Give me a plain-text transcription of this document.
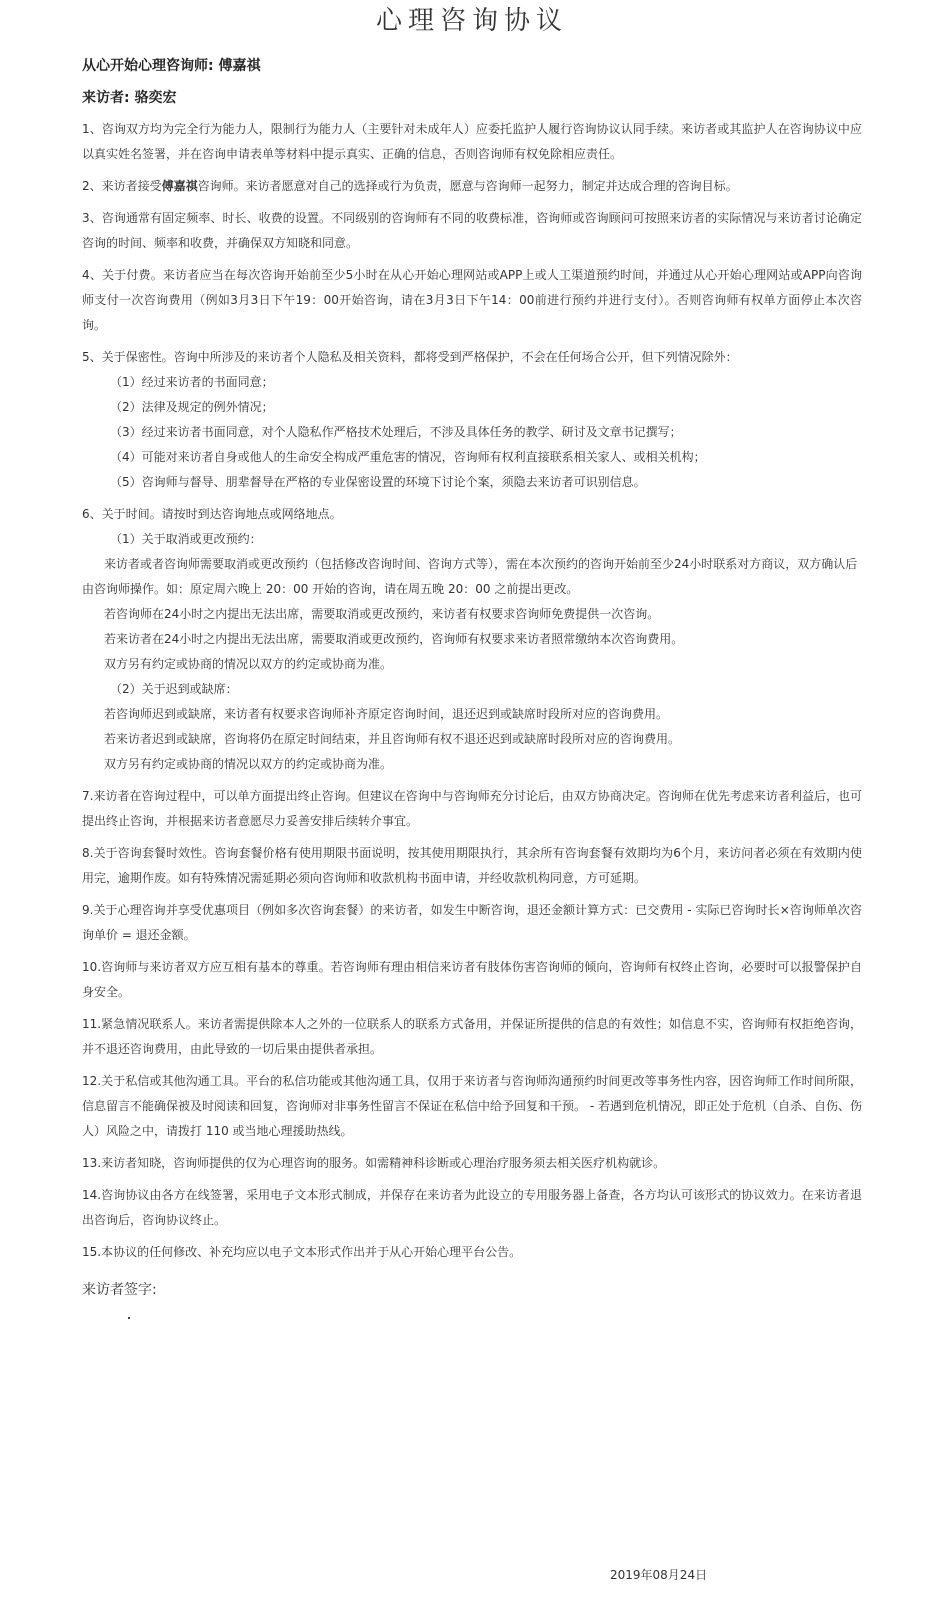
心理咨询协议

从心开始心理咨询师: 傅嘉祺

来访者: 骆奕宏

1、咨询双方均为完全行为能力人，限制行为能力人（主要针对未成年人）应委托监护人履行咨询协议认同手续。来访者或其监护人在咨询协议中应以真实姓名签署，并在咨询申请表单等材料中提示真实、正确的信息，否则咨询师有权免除相应责任。

2、来访者接受傅嘉祺咨询师。来访者愿意对自己的选择或行为负责，愿意与咨询师一起努力，制定并达成合理的咨询目标。

3、咨询通常有固定频率、时长、收费的设置。不同级别的咨询师有不同的收费标准，咨询师或咨询顾问可按照来访者的实际情况与来访者讨论确定咨询的时间、频率和收费，并确保双方知晓和同意。

4、关于付费。来访者应当在每次咨询开始前至少5小时在从心开始心理网站或APP上或人工渠道预约时间，并通过从心开始心理网站或APP向咨询师支付一次咨询费用（例如3月3日下午19：00开始咨询，请在3月3日下午14：00前进行预约并进行支付）。否则咨询师有权单方面停止本次咨询。

5、关于保密性。咨询中所涉及的来访者个人隐私及相关资料，都将受到严格保护，不会在任何场合公开，但下列情况除外：

（1）经过来访者的书面同意；

（2）法律及规定的例外情况；

（3）经过来访者书面同意，对个人隐私作严格技术处理后，不涉及具体任务的教学、研讨及文章书记撰写；

（4）可能对来访者自身或他人的生命安全构成严重危害的情况，咨询师有权利直接联系相关家人、或相关机构；

（5）咨询师与督导、朋辈督导在严格的专业保密设置的环境下讨论个案，须隐去来访者可识别信息。

6、关于时间。请按时到达咨询地点或网络地点。

（1）关于取消或更改预约：

来访者或者咨询师需要取消或更改预约（包括修改咨询时间、咨询方式等），需在本次预约的咨询开始前至少24小时联系对方商议，双方确认后由咨询师操作。如：原定周六晚上 20：00 开始的咨询，请在周五晚 20：00 之前提出更改。

若咨询师在24小时之内提出无法出席，需要取消或更改预约，来访者有权要求咨询师免费提供一次咨询。

若来访者在24小时之内提出无法出席，需要取消或更改预约，咨询师有权要求来访者照常缴纳本次咨询费用。

双方另有约定或协商的情况以双方的约定或协商为准。

（2）关于迟到或缺席：

若咨询师迟到或缺席，来访者有权要求咨询师补齐原定咨询时间，退还迟到或缺席时段所对应的咨询费用。

若来访者迟到或缺席，咨询将仍在原定时间结束，并且咨询师有权不退还迟到或缺席时段所对应的咨询费用。

双方另有约定或协商的情况以双方的约定或协商为准。

7.来访者在咨询过程中，可以单方面提出终止咨询。但建议在咨询中与咨询师充分讨论后，由双方协商决定。咨询师在优先考虑来访者利益后，也可提出终止咨询，并根据来访者意愿尽力妥善安排后续转介事宜。

8.关于咨询套餐时效性。咨询套餐价格有使用期限书面说明，按其使用期限执行，其余所有咨询套餐有效期均为6个月，来访问者必须在有效期内使用完，逾期作废。如有特殊情况需延期必须向咨询师和收款机构书面申请，并经收款机构同意，方可延期。

9.关于心理咨询并享受优惠项目（例如多次咨询套餐）的来访者，如发生中断咨询，退还金额计算方式：已交费用 - 实际已咨询时长×咨询师单次咨询单价 = 退还金额。

10.咨询师与来访者双方应互相有基本的尊重。若咨询师有理由相信来访者有肢体伤害咨询师的倾向，咨询师有权终止咨询，必要时可以报警保护自身安全。

11.紧急情况联系人。来访者需提供除本人之外的一位联系人的联系方式备用，并保证所提供的信息的有效性；如信息不实，咨询师有权拒绝咨询，并不退还咨询费用，由此导致的一切后果由提供者承担。

12.关于私信或其他沟通工具。平台的私信功能或其他沟通工具，仅用于来访者与咨询师沟通预约时间更改等事务性内容，因咨询师工作时间所限，信息留言不能确保被及时阅读和回复，咨询师对非事务性留言不保证在私信中给予回复和干预。 - 若遇到危机情况，即正处于危机（自杀、自伤、伤人）风险之中，请拨打 110 或当地心理援助热线。

13.来访者知晓，咨询师提供的仅为心理咨询的服务。如需精神科诊断或心理治疗服务须去相关医疗机构就诊。

14.咨询协议由各方在线签署，采用电子文本形式制成，并保存在来访者为此设立的专用服务器上备查，各方均认可该形式的协议效力。在来访者退出咨询后，咨询协议终止。

15.本协议的任何修改、补充均应以电子文本形式作出并于从心开始心理平台公告。

来访者签字:

2019年08月24日
